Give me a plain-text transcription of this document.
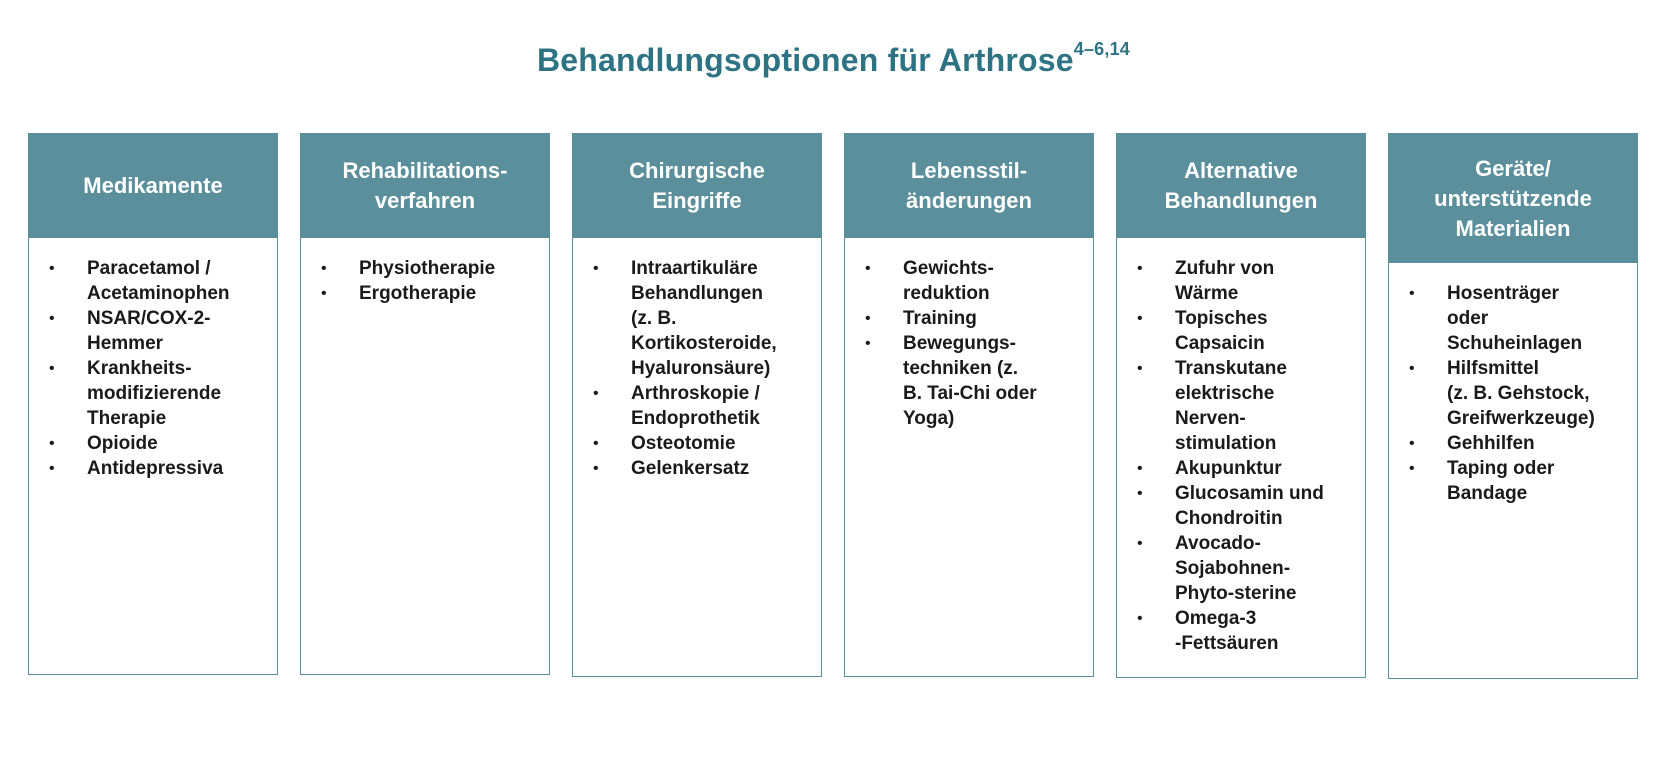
Behandlungsoptionen für Arthrose$^{4-6,14}$
Medikamente
• Paracetamol /
Acetaminophen
• NSAR/COX-2-
Hemmer
• Krankheits-
modifizierende
Therapie
• Opioide
• Antidepressiva
Rehabilitations-
verfahren
• Physiotherapie
• Ergotherapie
Chirurgische
Eingriffe
• Intraartikuläre
Behandlungen
(z. B.
Kortikosteroide,
Hyaluronsäure)
• Arthroskopie /
Endoprothetik
• Osteotomie
• Gelenkersatz
Lebensstil-
änderungen
• Gewichts-
reduktion
• Training
• Bewegungs-
techniken (z.
B. Tai-Chi oder
Yoga)
Alternative
Behandlungen
• Zufuhr von
Wärme
• Topisches
Capsaicin
• Transkutane
elektrische
Nerven-
stimulation
• Akupunktur
• Glucosamin und
Chondroitin
• Avocado-
Sojabohnen-
Phyto-sterine
• Omega-3
-Fettsäuren
Geräte/
unterstützende
Materialien
• Hosenträger
oder
Schuheinlagen
• Hilfsmittel
(z. B. Gehstock,
Greifwerkzeuge)
• Gehhilfen
• Taping oder
Bandage
